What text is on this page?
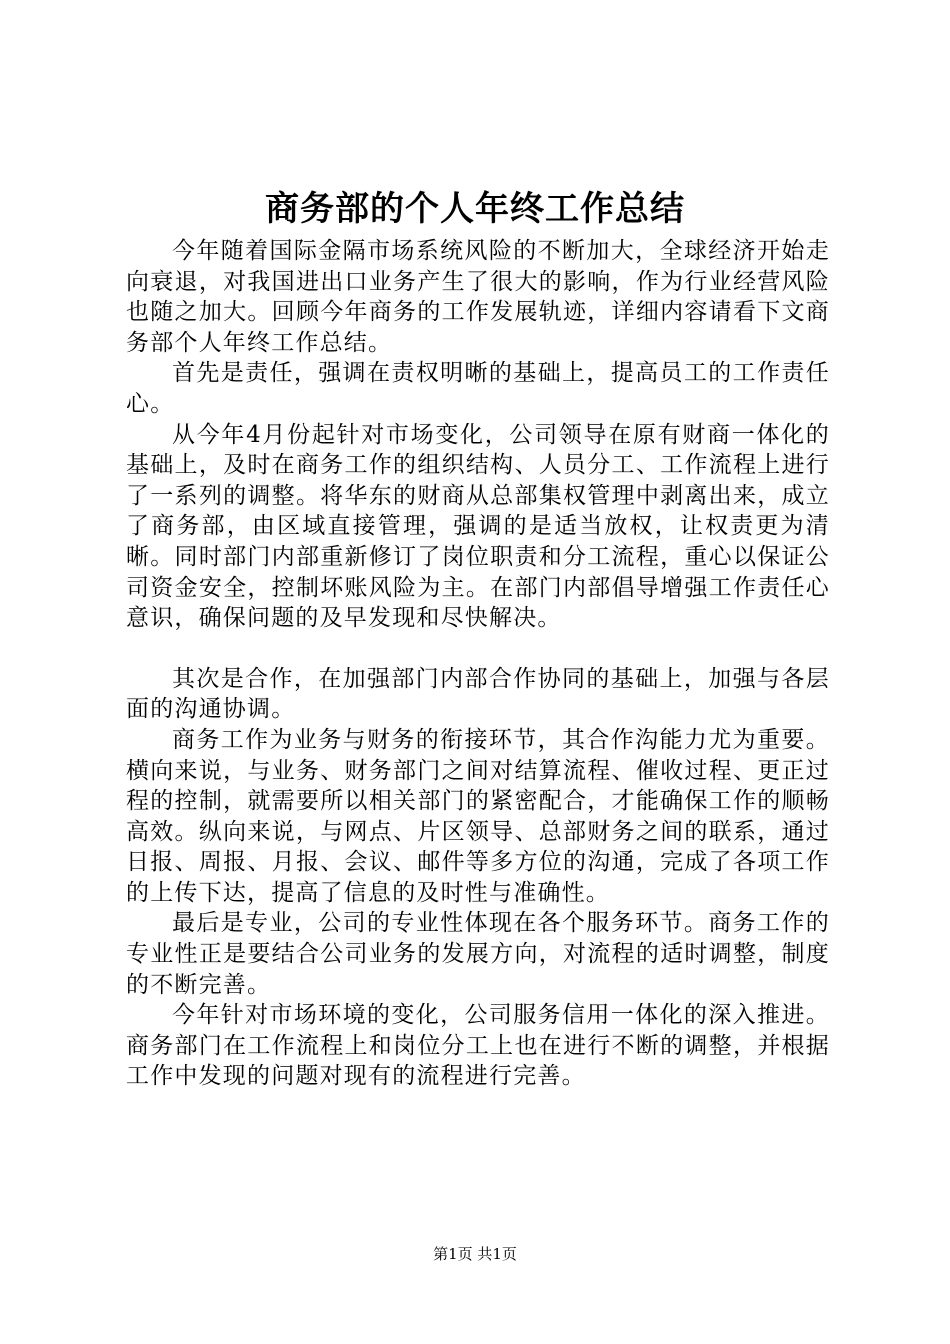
商务部的个人年终工作总结

今年随着国际金隔市场系统风险的不断加大，全球经济开始走向衰退，对我国进出口业务产生了很大的影响，作为行业经营风险也随之加大。回顾今年商务的工作发展轨迹，详细内容请看下文商务部个人年终工作总结。

首先是责任，强调在责权明晰的基础上，提高员工的工作责任心。

从今年4月份起针对市场变化，公司领导在原有财商一体化的基础上，及时在商务工作的组织结构、人员分工、工作流程上进行了一系列的调整。将华东的财商从总部集权管理中剥离出来，成立了商务部，由区域直接管理，强调的是适当放权，让权责更为清晰。同时部门内部重新修订了岗位职责和分工流程，重心以保证公司资金安全，控制坏账风险为主。在部门内部倡导增强工作责任心意识，确保问题的及早发现和尽快解决。

其次是合作，在加强部门内部合作协同的基础上，加强与各层面的沟通协调。

商务工作为业务与财务的衔接环节，其合作沟能力尤为重要。横向来说，与业务、财务部门之间对结算流程、催收过程、更正过程的控制，就需要所以相关部门的紧密配合，才能确保工作的顺畅高效。纵向来说，与网点、片区领导、总部财务之间的联系，通过日报、周报、月报、会议、邮件等多方位的沟通，完成了各项工作的上传下达，提高了信息的及时性与准确性。

最后是专业，公司的专业性体现在各个服务环节。商务工作的专业性正是要结合公司业务的发展方向，对流程的适时调整，制度的不断完善。

今年针对市场环境的变化，公司服务信用一体化的深入推进。商务部门在工作流程上和岗位分工上也在进行不断的调整，并根据工作中发现的问题对现有的流程进行完善。

第1页 共1页
